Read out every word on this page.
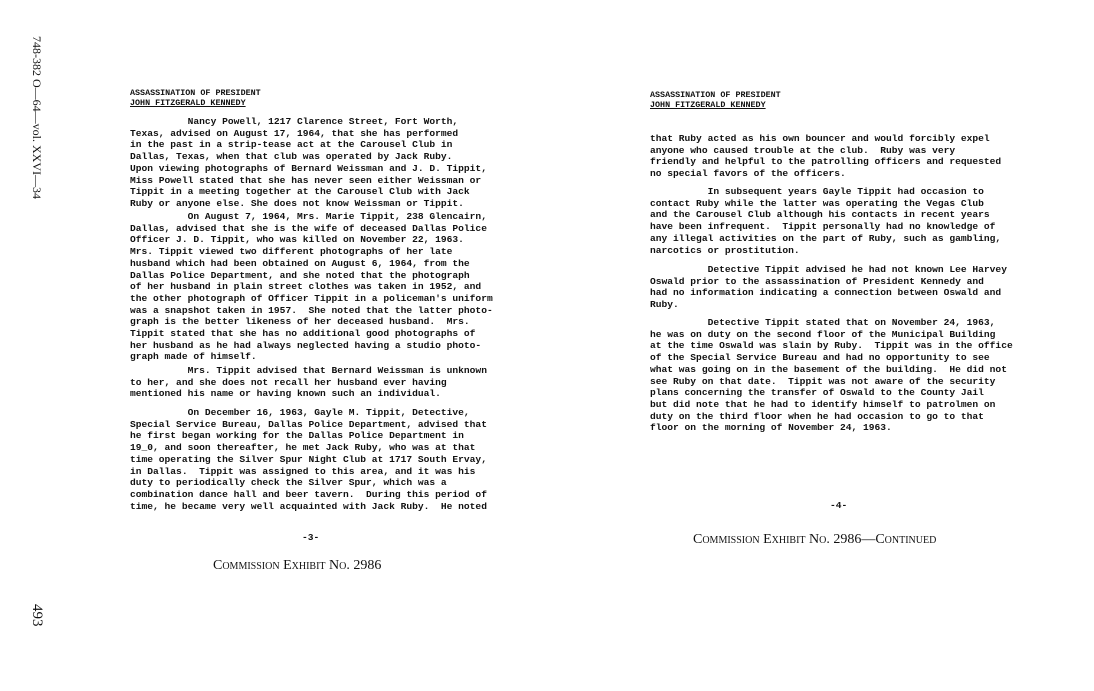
748-382 O—64—vol. XXVI—34
493
ASSASSINATION OF PRESIDENT
JOHN FITZGERALD KENNEDY

Nancy Powell, 1217 Clarence Street, Fort Worth,
Texas, advised on August 17, 1964, that she has performed
in the past in a strip-tease act at the Carousel Club in
Dallas, Texas, when that club was operated by Jack Ruby.
Upon viewing photographs of Bernard Weissman and J. D. Tippit,
Miss Powell stated that she has never seen either Weissman or
Tippit in a meeting together at the Carousel Club with Jack
Ruby or anyone else. She does not know Weissman or Tippit.

On August 7, 1964, Mrs. Marie Tippit, 238 Glencairn,
Dallas, advised that she is the wife of deceased Dallas Police
Officer J. D. Tippit, who was killed on November 22, 1963.
Mrs. Tippit viewed two different photographs of her late
husband which had been obtained on August 6, 1964, from the
Dallas Police Department, and she noted that the photograph
of her husband in plain street clothes was taken in 1952, and
the other photograph of Officer Tippit in a policeman's uniform
was a snapshot taken in 1957.  She noted that the latter photo-
graph is the better likeness of her deceased husband.  Mrs.
Tippit stated that she has no additional good photographs of
her husband as he had always neglected having a studio photo-
graph made of himself.

Mrs. Tippit advised that Bernard Weissman is unknown
to her, and she does not recall her husband ever having
mentioned his name or having known such an individual.

On December 16, 1963, Gayle M. Tippit, Detective,
Special Service Bureau, Dallas Police Department, advised that
he first began working for the Dallas Police Department in
19_0, and soon thereafter, he met Jack Ruby, who was at that
time operating the Silver Spur Night Club at 1717 South Ervay,
in Dallas.  Tippit was assigned to this area, and it was his
duty to periodically check the Silver Spur, which was a
combination dance hall and beer tavern.  During this period of
time, he became very well acquainted with Jack Ruby.  He noted

-3-
Commission Exhibit No. 2986
ASSASSINATION OF PRESIDENT
JOHN FITZGERALD KENNEDY

that Ruby acted as his own bouncer and would forcibly expel
anyone who caused trouble at the club.  Ruby was very
friendly and helpful to the patrolling officers and requested
no special favors of the officers.

In subsequent years Gayle Tippit had occasion to
contact Ruby while the latter was operating the Vegas Club
and the Carousel Club although his contacts in recent years
have been infrequent.  Tippit personally had no knowledge of
any illegal activities on the part of Ruby, such as gambling,
narcotics or prostitution.

Detective Tippit advised he had not known Lee Harvey
Oswald prior to the assassination of President Kennedy and
had no information indicating a connection between Oswald and
Ruby.

Detective Tippit stated that on November 24, 1963,
he was on duty on the second floor of the Municipal Building
at the time Oswald was slain by Ruby.  Tippit was in the office
of the Special Service Bureau and had no opportunity to see
what was going on in the basement of the building.  He did not
see Ruby on that date.  Tippit was not aware of the security
plans concerning the transfer of Oswald to the County Jail
but did note that he had to identify himself to patrolmen on
duty on the third floor when he had occasion to go to that
floor on the morning of November 24, 1963.

-4-
Commission Exhibit No. 2986—Continued
